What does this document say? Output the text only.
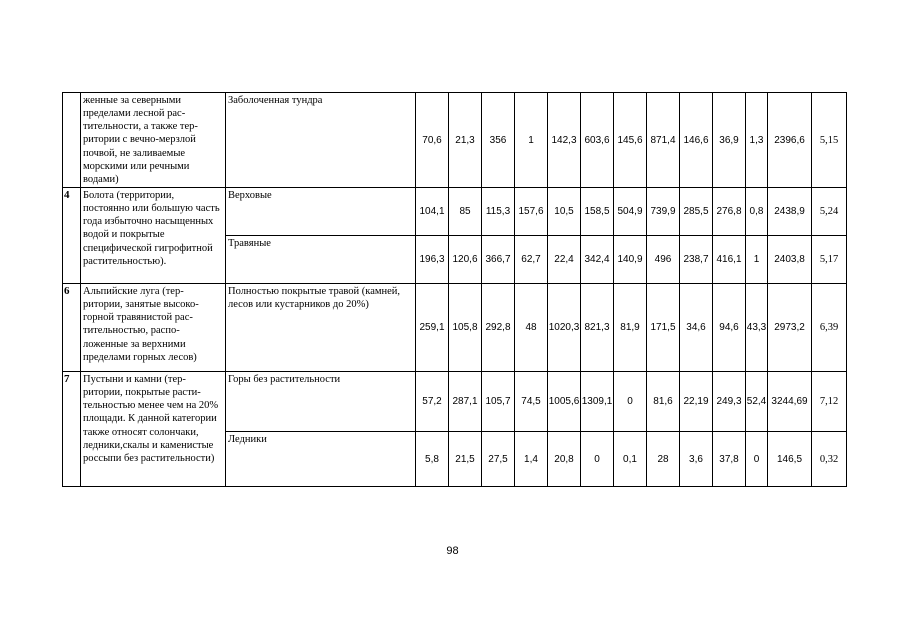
	женные за северными пределами лесной рас-тительности, а также тер-ритории с вечно-мерзлой почвой, не заливаемые морскими или речными водами)	Заболоченная тундра	70,6	21,3	356	1	142,3	603,6	145,6	871,4	146,6	36,9	1,3	2396,6	5,15
4	Болота (территории, постоянно или большую часть года избыточно насыщенных водой и покрытые специфической гигрофитной растительностью).	Верховые	104,1	85	115,3	157,6	10,5	158,5	504,9	739,9	285,5	276,8	0,8	2438,9	5,24
		Травяные	196,3	120,6	366,7	62,7	22,4	342,4	140,9	496	238,7	416,1	1	2403,8	5,17
6	Альпийские луга (тер-ритории, занятые высоко-горной травянистой рас-тительностью, распо-ложенные за верхними пределами горных лесов)	Полностью покрытые травой (камней, лесов или кустарников до 20%)	259,1	105,8	292,8	48	1020,3	821,3	81,9	171,5	34,6	94,6	43,3	2973,2	6,39
7	Пустыни и камни (тер-ритории, покрытые расти-тельностью менее чем на 20% площади. К данной категории также относят солончаки, ледники,скалы и каменистые россыпи без растительности)	Горы без растительности	57,2	287,1	105,7	74,5	1005,6	1309,1	0	81,6	22,19	249,3	52,4	3244,69	7,12
		Ледники	5,8	21,5	27,5	1,4	20,8	0	0,1	28	3,6	37,8	0	146,5	0,32
98
